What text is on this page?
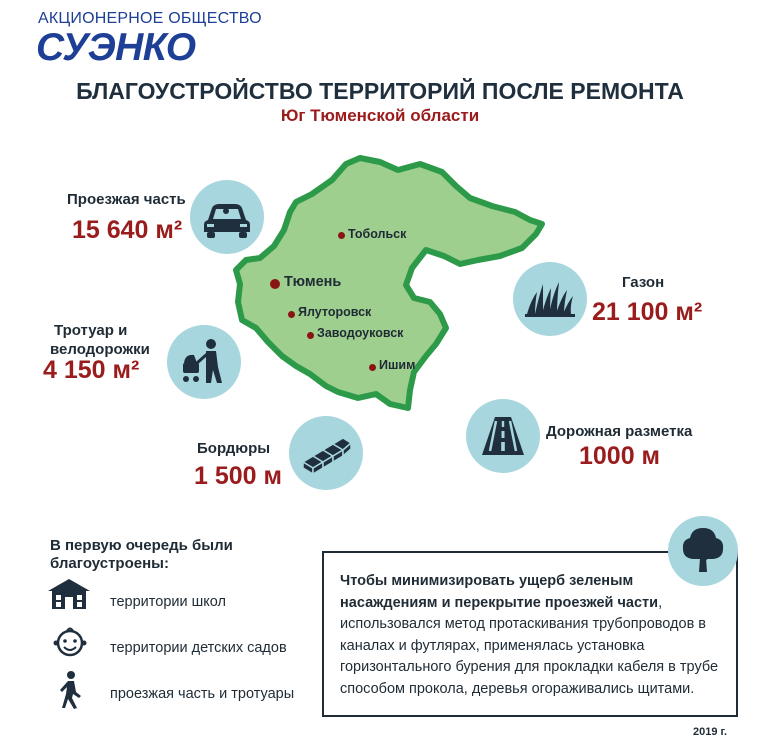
АКЦИОНЕРНОЕ ОБЩЕСТВО
СУЭНКО
БЛАГОУСТРОЙСТВО ТЕРРИТОРИЙ ПОСЛЕ РЕМОНТА
Юг Тюменской области
Тобольск
Тюмень
Ялуторовск
Заводоуковск
Ишим
Проезжая часть
15 640 м²
Тротуар и
велодорожки
4 150 м²
Бордюры
1 500 м
Газон
21 100 м²
Дорожная разметка
1000 м
В первую очередь были
благоустроены:
территории школ
территории детских садов
проезжая часть и тротуары
Чтобы минимизировать ущерб зеленым
насаждениям и перекрытие проезжей части,
использовался метод протаскивания трубопроводов в
каналах и футлярах, применялась установка
горизонтального бурения для прокладки кабеля в трубе
способом прокола, деревья огораживались щитами.
2019 г.
